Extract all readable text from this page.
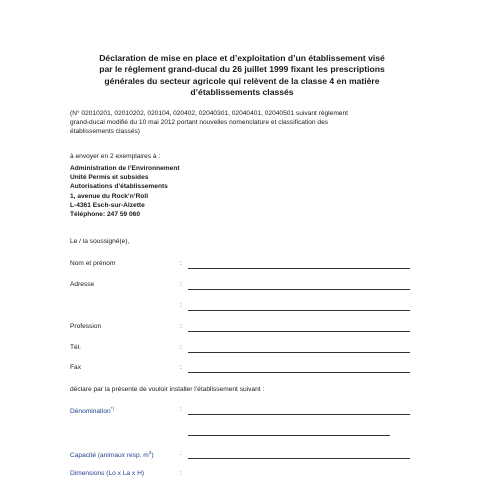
Déclaration de mise en place et d’exploitation d’un établissement visé
par le règlement grand-ducal du 26 juillet 1999 fixant les prescriptions
générales du secteur agricole qui relèvent de la classe 4 en matière
d’établissements classés
(N° 02010201, 02010202, 020104, 020402, 02040301, 02040401, 02040501 suivant règlement
grand-ducal modifié du 10 mai 2012 portant nouvelles nomenclature et classification des
établissements classés)
à envoyer en 2 exemplaires à :
Administration de l’Environnement
Unité Permis et subsides
Autorisations d’établissements
1, avenue du Rock’n’Roll
L-4361 Esch-sur-Alzette
Téléphone: 247 59 060
Le / la soussigné(e),
Nom et prénom	:
Adresse	:
:
Profession	:
Tél.	:
Fax	:
déclare par la présente de vouloir installer l’établissement suivant :
Dénomination*)	:
Capacité (animaux resp. $m^3$)	:
Dimensions (Lo x La x H)	:
